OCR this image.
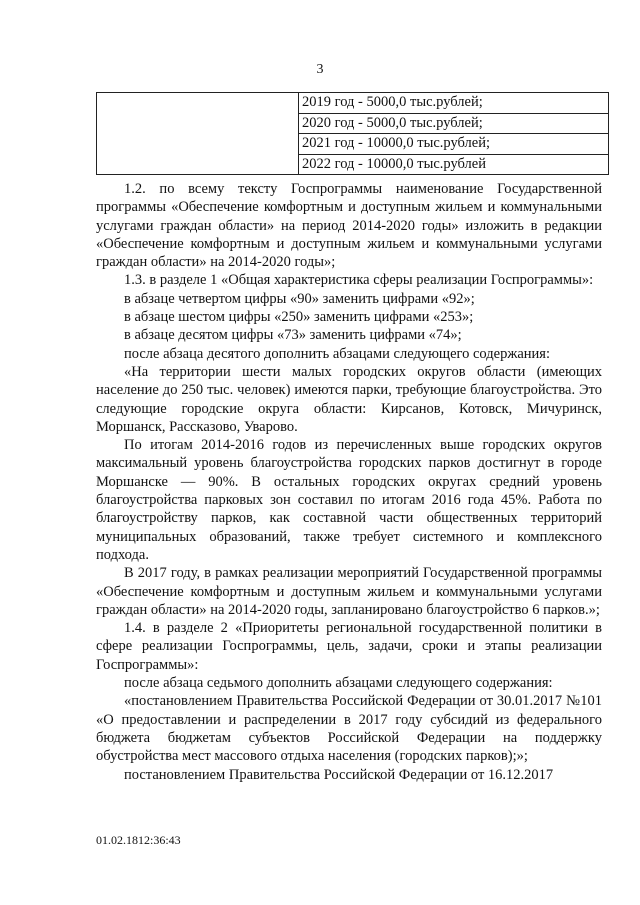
3
	2019 год - 5000,0 тыс.рублей;
2020 год - 5000,0 тыс.рублей;
2021 год - 10000,0 тыс.рублей;
2022 год - 10000,0 тыс.рублей

1.2. по всему тексту Госпрограммы наименование Государственной программы «Обеспечение комфортным и доступным жильем и коммунальными услугами граждан области» на период 2014-2020 годы» изложить в редакции «Обеспечение комфортным и доступным жильем и коммунальными услугами граждан области» на 2014-2020 годы»;

1.3. в разделе 1 «Общая характеристика сферы реализации Госпрограммы»:

в абзаце четвертом цифры «90» заменить цифрами «92»;

в абзаце шестом цифры «250» заменить цифрами «253»;

в абзаце десятом цифры «73» заменить цифрами «74»;

после абзаца десятого дополнить абзацами следующего содержания:

«На территории шести малых городских округов области (имеющих население до 250 тыс. человек) имеются парки, требующие благоустройства. Это следующие городские округа области: Кирсанов, Котовск, Мичуринск, Моршанск, Рассказово, Уварово.

По итогам 2014-2016 годов из перечисленных выше городских округов максимальный уровень благоустройства городских парков достигнут в городе Моршанске — 90%. В остальных городских округах средний уровень благоустройства парковых зон составил по итогам 2016 года 45%. Работа по благоустройству парков, как составной части общественных территорий муниципальных образований, также требует системного и комплексного подхода.

В 2017 году, в рамках реализации мероприятий Государственной программы «Обеспечение комфортным и доступным жильем и коммунальными услугами граждан области» на 2014-2020 годы, запланировано благоустройство 6 парков.»;

1.4. в разделе 2 «Приоритеты региональной государственной политики в сфере реализации Госпрограммы, цель, задачи, сроки и этапы реализации Госпрограммы»:

после абзаца седьмого дополнить абзацами следующего содержания:

«постановлением Правительства Российской Федерации от 30.01.2017 №101 «О предоставлении и распределении в 2017 году субсидий из федерального бюджета бюджетам субъектов Российской Федерации на поддержку обустройства мест массового отдыха населения (городских парков);»;

постановлением Правительства Российской Федерации от 16.12.2017

01.02.1812:36:43
